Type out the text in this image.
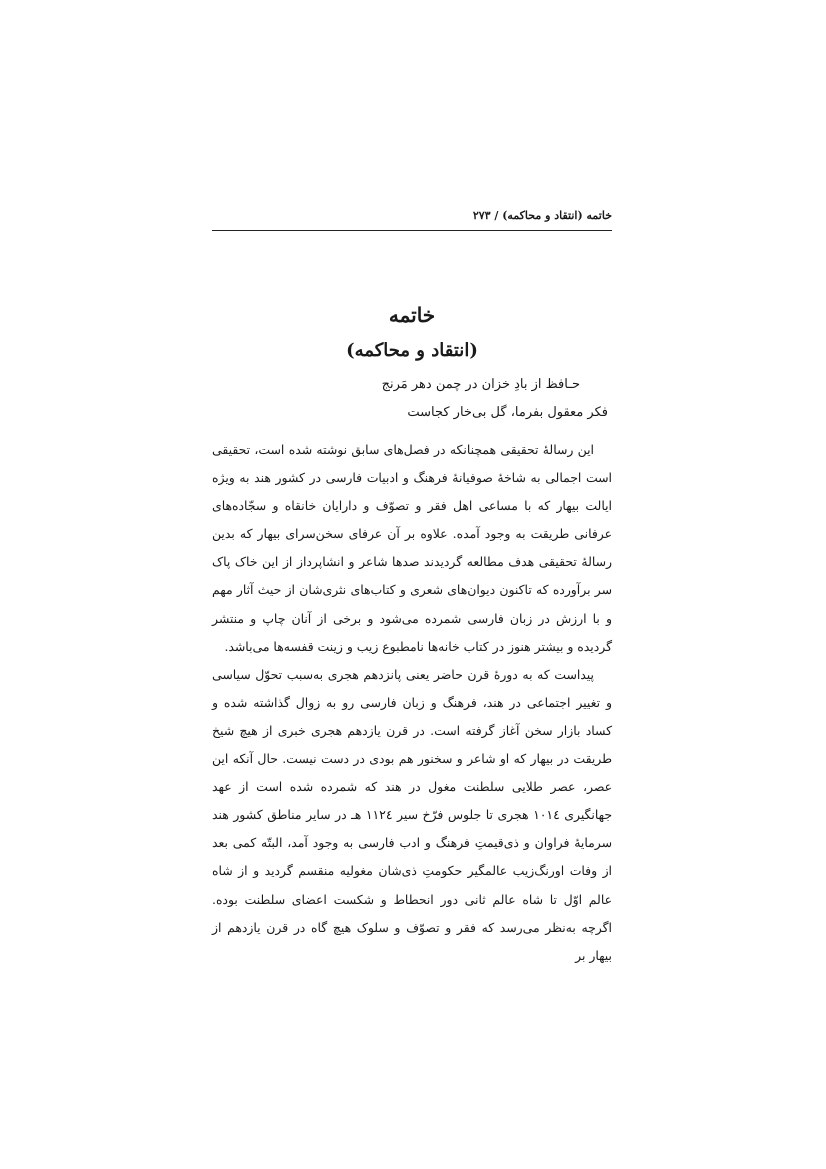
خاتمه (انتقاد و محاکمه) / ۲۷۳
خاتمه
(انتقاد و محاکمه)
حـافظ از بادِ خزان در چمن دهر مَرنج
فکر معقول بفرما، گل بی‌خار کجاست

این رسالهٔ تحقیقی همچنانکه در فصل‌های سابق نوشته شده است، تحقیقی است اجمالی به شاخهٔ صوفیانهٔ فرهنگ و ادبیات فارسی در کشور هند به ویژه ایالت بیهار که با مساعی اهل فقر و تصوّف و دارایان خانقاه و سجّاده‌های عرفانی طریقت به وجود آمده. علاوه بر آن عرفای سخن‌سرای بیهار که بدین رسالهٔ تحقیقی هدف مطالعه گردیدند صدها شاعر و انشاپرداز از این خاک پاک سر برآورده که تاکنون دیوان‌های شعری و کتاب‌های نثری‌شان از حیث آثار مهم و با ارزش در زبان فارسی شمرده می‌شود و برخی از آنان چاپ و منتشر گردیده و بیشتر هنوز در کتاب خانه‌ها نامطبوع زیب و زینت قفسه‌ها می‌باشد.

پیداست که به دورهٔ قرن حاضر یعنی پانزدهم هجری به‌سبب تحوّل سیاسی و تغییر اجتماعی در هند، فرهنگ و زبان فارسی رو به زوال گذاشته شده و کساد بازار سخن آغاز گرفته است. در قرن یازدهم هجری خبری از هیچ شیخ طریقت در بیهار که او شاعر و سخنور هم بودی در دست نیست. حال آنکه این عصر، عصر طلایی سلطنت مغول در هند که شمرده شده است از عهد جهانگیری ۱۰۱٤ هجری تا جلوس فرّخ سیر ۱۱۲٤ هـ در سایر مناطق کشور هند سرمایهٔ فراوان و ذی‌قیمتِ فرهنگ و ادب فارسی به وجود آمد، البتّه کمی بعد از وفات اورنگ‌زیب عالمگیر حکومتِ ذی‌شان مغولیه منقسم گردید و از شاه عالم اوّل تا شاه عالم ثانی دور انحطاط و شکست اعضای سلطنت بوده. اگرچه به‌نظر می‌رسد که فقر و تصوّف و سلوک هیچ گاه در قرن یازدهم از بیهار بر
